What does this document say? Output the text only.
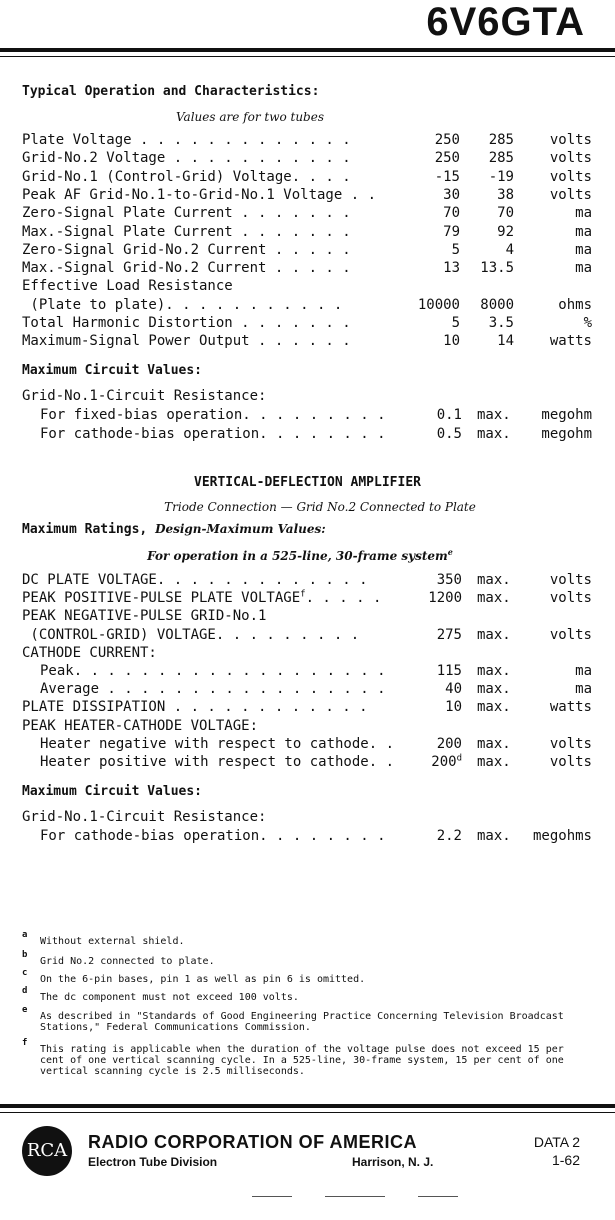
6V6GTA
Typical Operation and Characteristics:
Values are for two tubes
Plate Voltage . . . . . . . . . . . . .	250	285	volts
Grid-No.2 Voltage . . . . . . . . . . .	250	285	volts
Grid-No.1 (Control-Grid) Voltage. . . .	-15	-19	volts
Peak AF Grid-No.1-to-Grid-No.1 Voltage . .	30	38	volts
Zero-Signal Plate Current . . . . . . .	70	70	ma
Max.-Signal Plate Current . . . . . . .	79	92	ma
Zero-Signal Grid-No.2 Current . . . . .	5	4	ma
Max.-Signal Grid-No.2 Current . . . . .	13	13.5	ma
Effective Load Resistance
(Plate to plate). . . . . . . . . . .	10000	8000	ohms
Total Harmonic Distortion . . . . . . .	5	3.5	%
Maximum-Signal Power Output . . . . . .	10	14	watts
Maximum Circuit Values:
Grid-No.1-Circuit Resistance:
For fixed-bias operation. . . . . . . . .	0.1 max.	megohm
For cathode-bias operation. . . . . . . .	0.5 max.	megohm
VERTICAL-DEFLECTION AMPLIFIER
Triode Connection — Grid No.2 Connected to Plate
Maximum Ratings, Design-Maximum Values:
For operation in a 525-line, 30-frame system$^e$
DC PLATE VOLTAGE. . . . . . . . . . . . .	350 max.	volts
PEAK POSITIVE-PULSE PLATE VOLTAGE$^f$. . . . .	1200 max.	volts
PEAK NEGATIVE-PULSE GRID-No.1
(CONTROL-GRID) VOLTAGE. . . . . . . . .	275 max.	volts
CATHODE CURRENT:
Peak. . . . . . . . . . . . . . . . . . .	115 max.	ma
Average . . . . . . . . . . . . . . . . .	40 max.	ma
PLATE DISSIPATION . . . . . . . . . . . .	10 max.	watts
PEAK HEATER-CATHODE VOLTAGE:
Heater negative with respect to cathode. .	200 max.	volts
Heater positive with respect to cathode. .	200$^d$ max.	volts
Maximum Circuit Values:
Grid-No.1-Circuit Resistance:
For cathode-bias operation. . . . . . . .	2.2 max.	megohms
a
Without external shield.
b
Grid No.2 connected to plate.
c
On the 6-pin bases, pin 1 as well as pin 6 is omitted.
d
The dc component must not exceed 100 volts.
e
As described in "Standards of Good Engineering Practice Concerning Television Broadcast Stations," Federal Communications Commission.
f
This rating is applicable when the duration of the voltage pulse does not exceed 15 per cent of one vertical scanning cycle. In a 525-line, 30-frame system, 15 per cent of one vertical scanning cycle is 2.5 milliseconds.
RCA RADIO CORPORATION OF AMERICA
Electron Tube Division	Harrison, N. J.
DATA 2
1-62
